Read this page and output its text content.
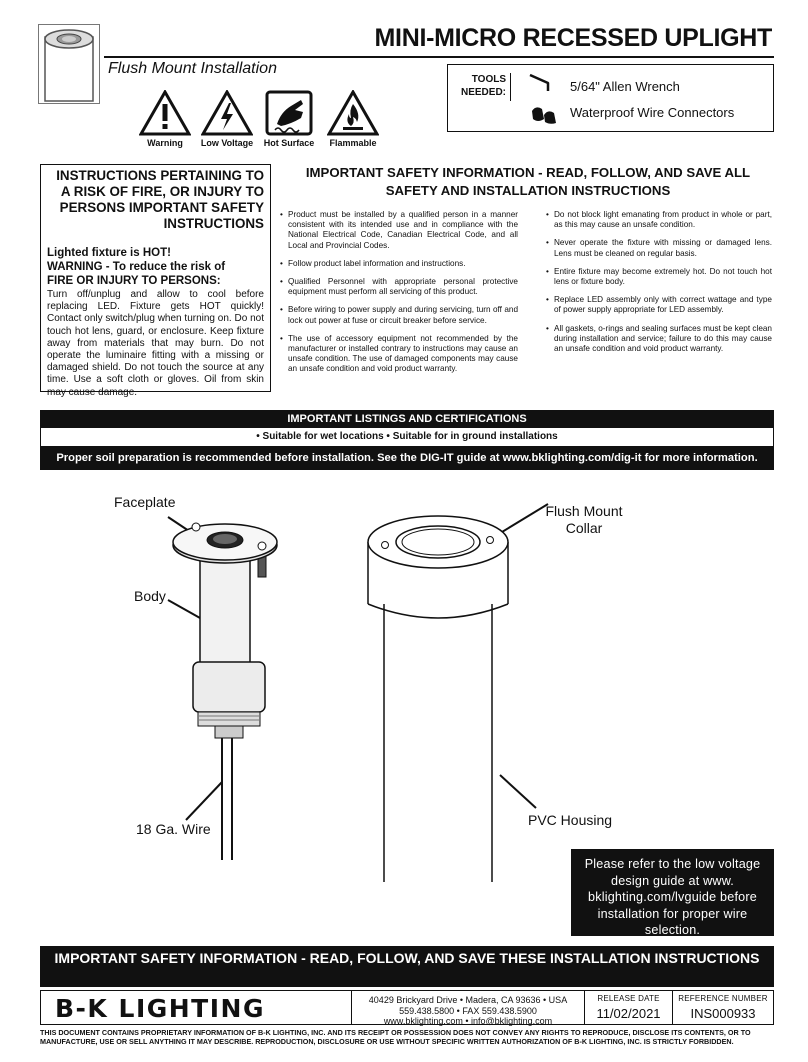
MINI-MICRO RECESSED UPLIGHT
Flush Mount Installation
Warning	Low Voltage	Hot Surface	Flammable
TOOLS
NEEDED:	5/64" Allen Wrench
Waterproof Wire Connectors
INSTRUCTIONS PERTAINING TO A RISK OF FIRE, OR INJURY TO PERSONS IMPORTANT SAFETY INSTRUCTIONS
Lighted fixture is HOT!
WARNING - To reduce the risk of
FIRE OR INJURY TO PERSONS:
Turn off/unplug and allow to cool before replacing LED. Fixture gets HOT quickly! Contact only switch/plug when turning on. Do not touch hot lens, guard, or enclosure. Keep fixture away from materials that may burn. Do not operate the luminaire fitting with a missing or damaged shield. Do not touch the source at any time. Use a soft cloth or gloves. Oil from skin may cause damage.
IMPORTANT SAFETY INFORMATION - READ, FOLLOW, AND SAVE ALL SAFETY AND INSTALLATION INSTRUCTIONS
• Product must be installed by a qualified person in a manner consistent with its intended use and in compliance with the National Electrical Code, Canadian Electrical Code, and all Local and Provincial Codes.
• Follow product label information and instructions.
• Qualified Personnel with appropriate personal protective equipment must perform all servicing of this product.
• Before wiring to power supply and during servicing, turn off and lock out power at fuse or circuit breaker before service.
• The use of accessory equipment not recommended by the manufacturer or installed contrary to instructions may cause an unsafe condition. The use of damaged components may cause an unsafe condition and void product warranty.
• Do not block light emanating from product in whole or part, as this may cause an unsafe condition.
• Never operate the fixture with missing or damaged lens. Lens must be cleaned on regular basis.
• Entire fixture may become extremely hot. Do not touch hot lens or fixture body.
• Replace LED assembly only with correct wattage and type of power supply appropriate for LED assembly.
• All gaskets, o-rings and sealing surfaces must be kept clean during installation and service; failure to do this may cause an unsafe condition and void product warranty.
IMPORTANT LISTINGS AND CERTIFICATIONS
• Suitable for wet locations • Suitable for in ground installations
Proper soil preparation is recommended before installation. See the DIG-IT guide at www.bklighting.com/dig-it for more information.
Faceplate
Body
18 Ga. Wire
Flush Mount
Collar
PVC Housing
Please refer to the low voltage design guide at www. bklighting.com/lvguide before installation for proper wire selection.
IMPORTANT SAFETY INFORMATION - READ, FOLLOW, AND SAVE THESE INSTALLATION INSTRUCTIONS
B-K LIGHTING	40429 Brickyard Drive • Madera, CA 93636 • USA
559.438.5800 • FAX 559.438.5900
www.bklighting.com • info@bklighting.com
RELEASE DATE
11/02/2021
REFERENCE NUMBER
INS000933
THIS DOCUMENT CONTAINS PROPRIETARY INFORMATION OF B-K LIGHTING, INC. AND ITS RECEIPT OR POSSESSION DOES NOT CONVEY ANY RIGHTS TO REPRODUCE, DISCLOSE ITS CONTENTS, OR TO MANUFACTURE, USE OR SELL ANYTHING IT MAY DESCRIBE. REPRODUCTION, DISCLOSURE OR USE WITHOUT SPECIFIC WRITTEN AUTHORIZATION OF B-K LIGHTING, INC. IS STRICTLY FORBIDDEN.
